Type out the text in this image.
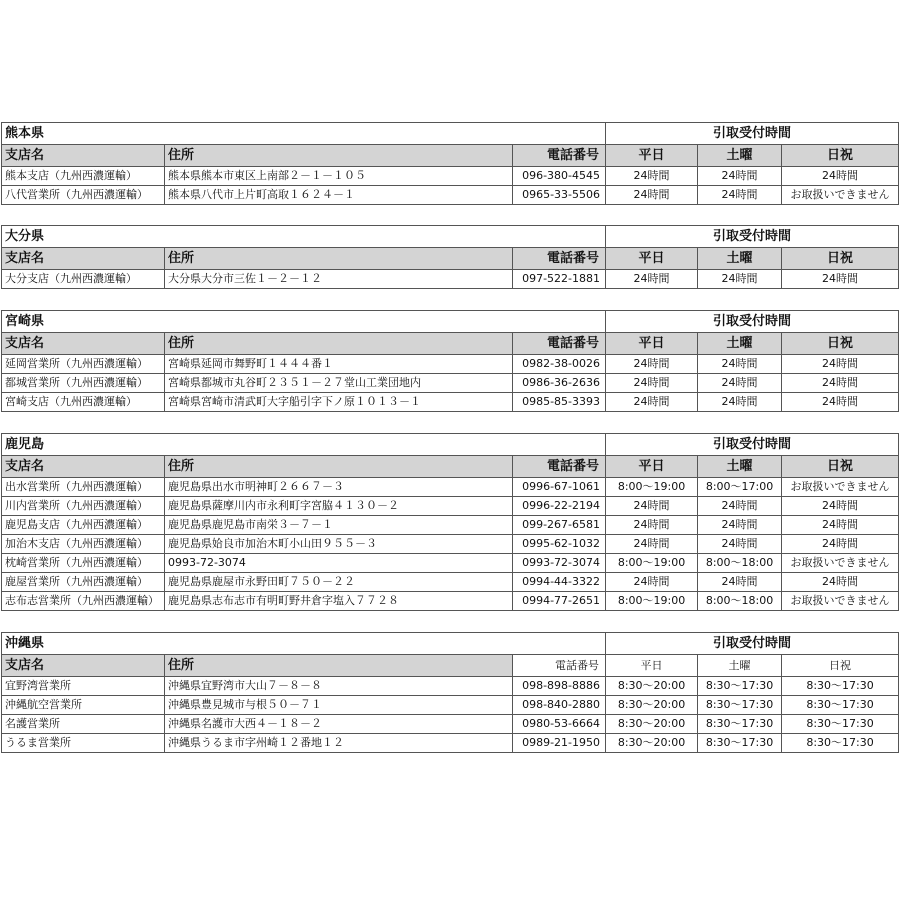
熊本県			引取受付時間		
支店名	住所	電話番号	平日	土曜	日祝
熊本支店（九州西濃運輸）	熊本県熊本市東区上南部２－１－１０５	096-380-4545	24時間	24時間	24時間
八代営業所（九州西濃運輸）	熊本県八代市上片町高取１６２４－１	0965-33-5506	24時間	24時間	お取扱いできません
大分県			引取受付時間		
支店名	住所	電話番号	平日	土曜	日祝
大分支店（九州西濃運輸）	大分県大分市三佐１－２－１２	097-522-1881	24時間	24時間	24時間
宮崎県			引取受付時間		
支店名	住所	電話番号	平日	土曜	日祝
延岡営業所（九州西濃運輸）	宮崎県延岡市舞野町１４４４番１	0982-38-0026	24時間	24時間	24時間
都城営業所（九州西濃運輸）	宮崎県都城市丸谷町２３５１－２７堂山工業団地内	0986-36-2636	24時間	24時間	24時間
宮崎支店（九州西濃運輸）	宮崎県宮崎市清武町大字船引字下ノ原１０１３－１	0985-85-3393	24時間	24時間	24時間
鹿児島			引取受付時間		
支店名	住所	電話番号	平日	土曜	日祝
出水営業所（九州西濃運輸）	鹿児島県出水市明神町２６６７－３	0996-67-1061	8:00～19:00	8:00～17:00	お取扱いできません
川内営業所（九州西濃運輸）	鹿児島県薩摩川内市永利町字宮脇４１３０－２	0996-22-2194	24時間	24時間	24時間
鹿児島支店（九州西濃運輸）	鹿児島県鹿児島市南栄３－７－１	099-267-6581	24時間	24時間	24時間
加治木支店（九州西濃運輸）	鹿児島県姶良市加治木町小山田９５５－３	0995-62-1032	24時間	24時間	24時間
枕崎営業所（九州西濃運輸）	0993-72-3074	0993-72-3074	8:00～19:00	8:00～18:00	お取扱いできません
鹿屋営業所（九州西濃運輸）	鹿児島県鹿屋市永野田町７５０－２２	0994-44-3322	24時間	24時間	24時間
志布志営業所（九州西濃運輸）	鹿児島県志布志市有明町野井倉字塩入７７２８	0994-77-2651	8:00～19:00	8:00～18:00	お取扱いできません
沖縄県			引取受付時間		
支店名	住所	電話番号	平日	土曜	日祝
宜野湾営業所	沖縄県宜野湾市大山７－８－８	098-898-8886	8:30～20:00	8:30～17:30	8:30～17:30
沖縄航空営業所	沖縄県豊見城市与根５０－７１	098-840-2880	8:30～20:00	8:30～17:30	8:30～17:30
名護営業所	沖縄県名護市大西４－１８－２	0980-53-6664	8:30～20:00	8:30～17:30	8:30～17:30
うるま営業所	沖縄県うるま市字州崎１２番地１２	0989-21-1950	8:30～20:00	8:30～17:30	8:30～17:30
